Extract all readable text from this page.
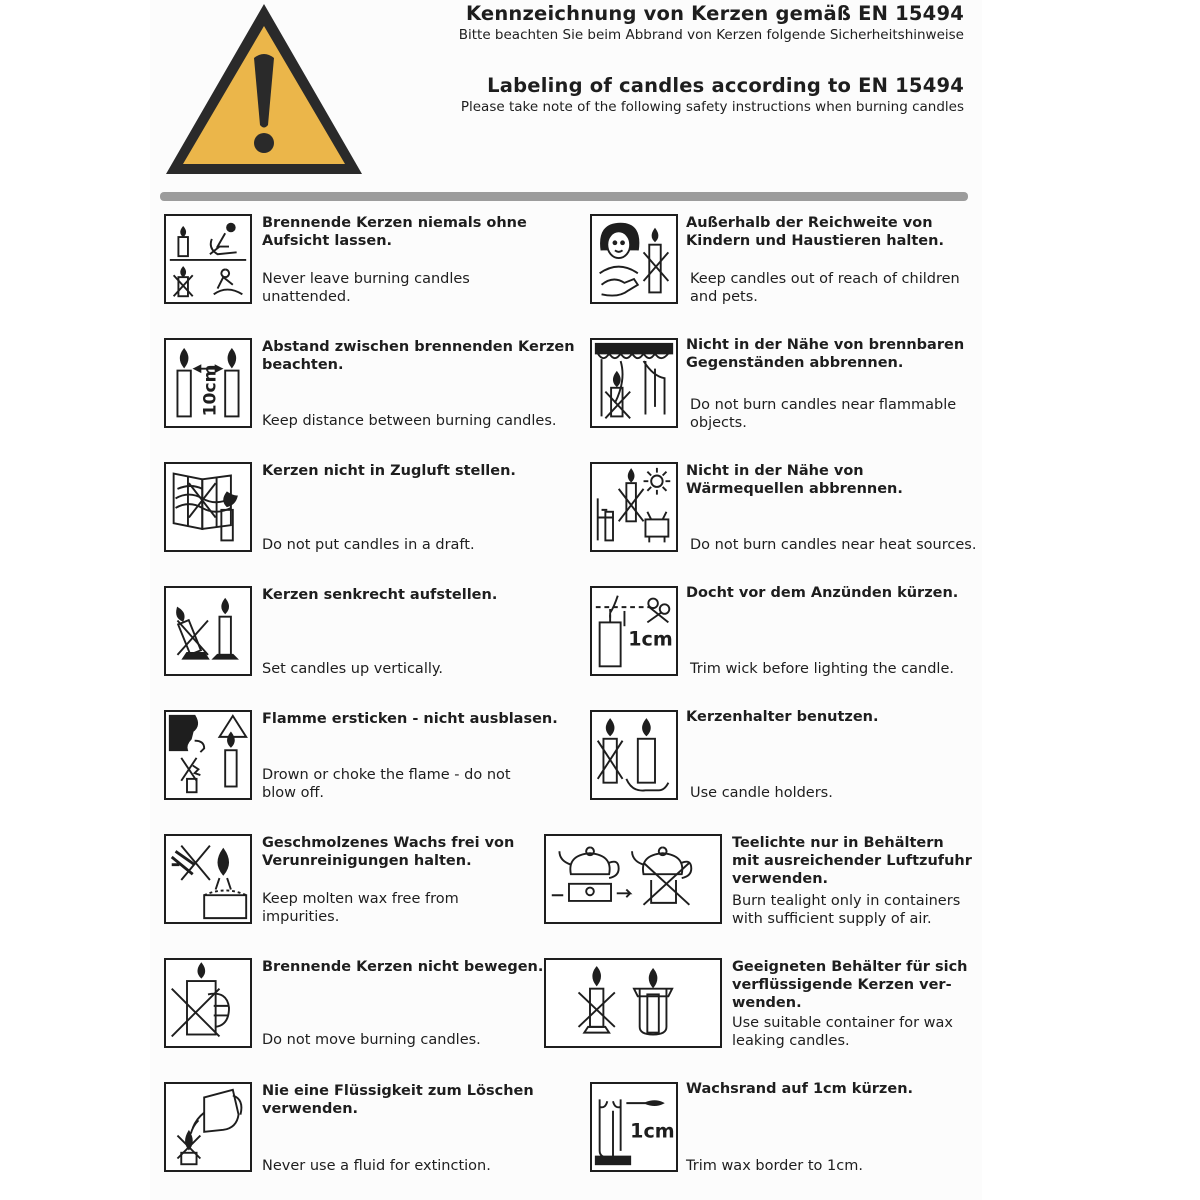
Kennzeichnung von Kerzen gemäß EN 15494
Bitte beachten Sie beim Abbrand von Kerzen folgende Sicherheitshinweise
Labeling of candles according to EN 15494
Please take note of the following safety instructions when burning candles
Brennende Kerzen niemals ohne
Aufsicht lassen.
Never leave burning candles
unattended.
Außerhalb der Reichweite von
Kindern und Haustieren halten.
Keep candles out of reach of children
and pets.
10cm
Abstand zwischen brennenden Kerzen
beachten.
Keep distance between burning candles.
Nicht in der Nähe von brennbaren
Gegenständen abbrennen.
Do not burn candles near flammable
objects.
Kerzen nicht in Zugluft stellen.
Do not put candles in a draft.
Nicht in der Nähe von
Wärmequellen abbrennen.
Do not burn candles near heat sources.
Kerzen senkrecht aufstellen.
Set candles up vertically.
1cm
Docht vor dem Anzünden kürzen.
Trim wick before lighting the candle.
Flamme ersticken - nicht ausblasen.
Drown or choke the flame - do not
blow off.
Kerzenhalter benutzen.
Use candle holders.
Geschmolzenes Wachs frei von
Verunreinigungen halten.
Keep molten wax free from
impurities.
Teelichte nur in Behältern
mit ausreichender Luftzufuhr
verwenden.
Burn tealight only in containers
with sufficient supply of air.
Brennende Kerzen nicht bewegen.
Do not move burning candles.
Geeigneten Behälter für sich
verflüssigende Kerzen ver-
wenden.
Use suitable container for wax
leaking candles.
Nie eine Flüssigkeit zum Löschen
verwenden.
Never use a fluid for extinction.
1cm
Wachsrand auf 1cm kürzen.
Trim wax border to 1cm.
